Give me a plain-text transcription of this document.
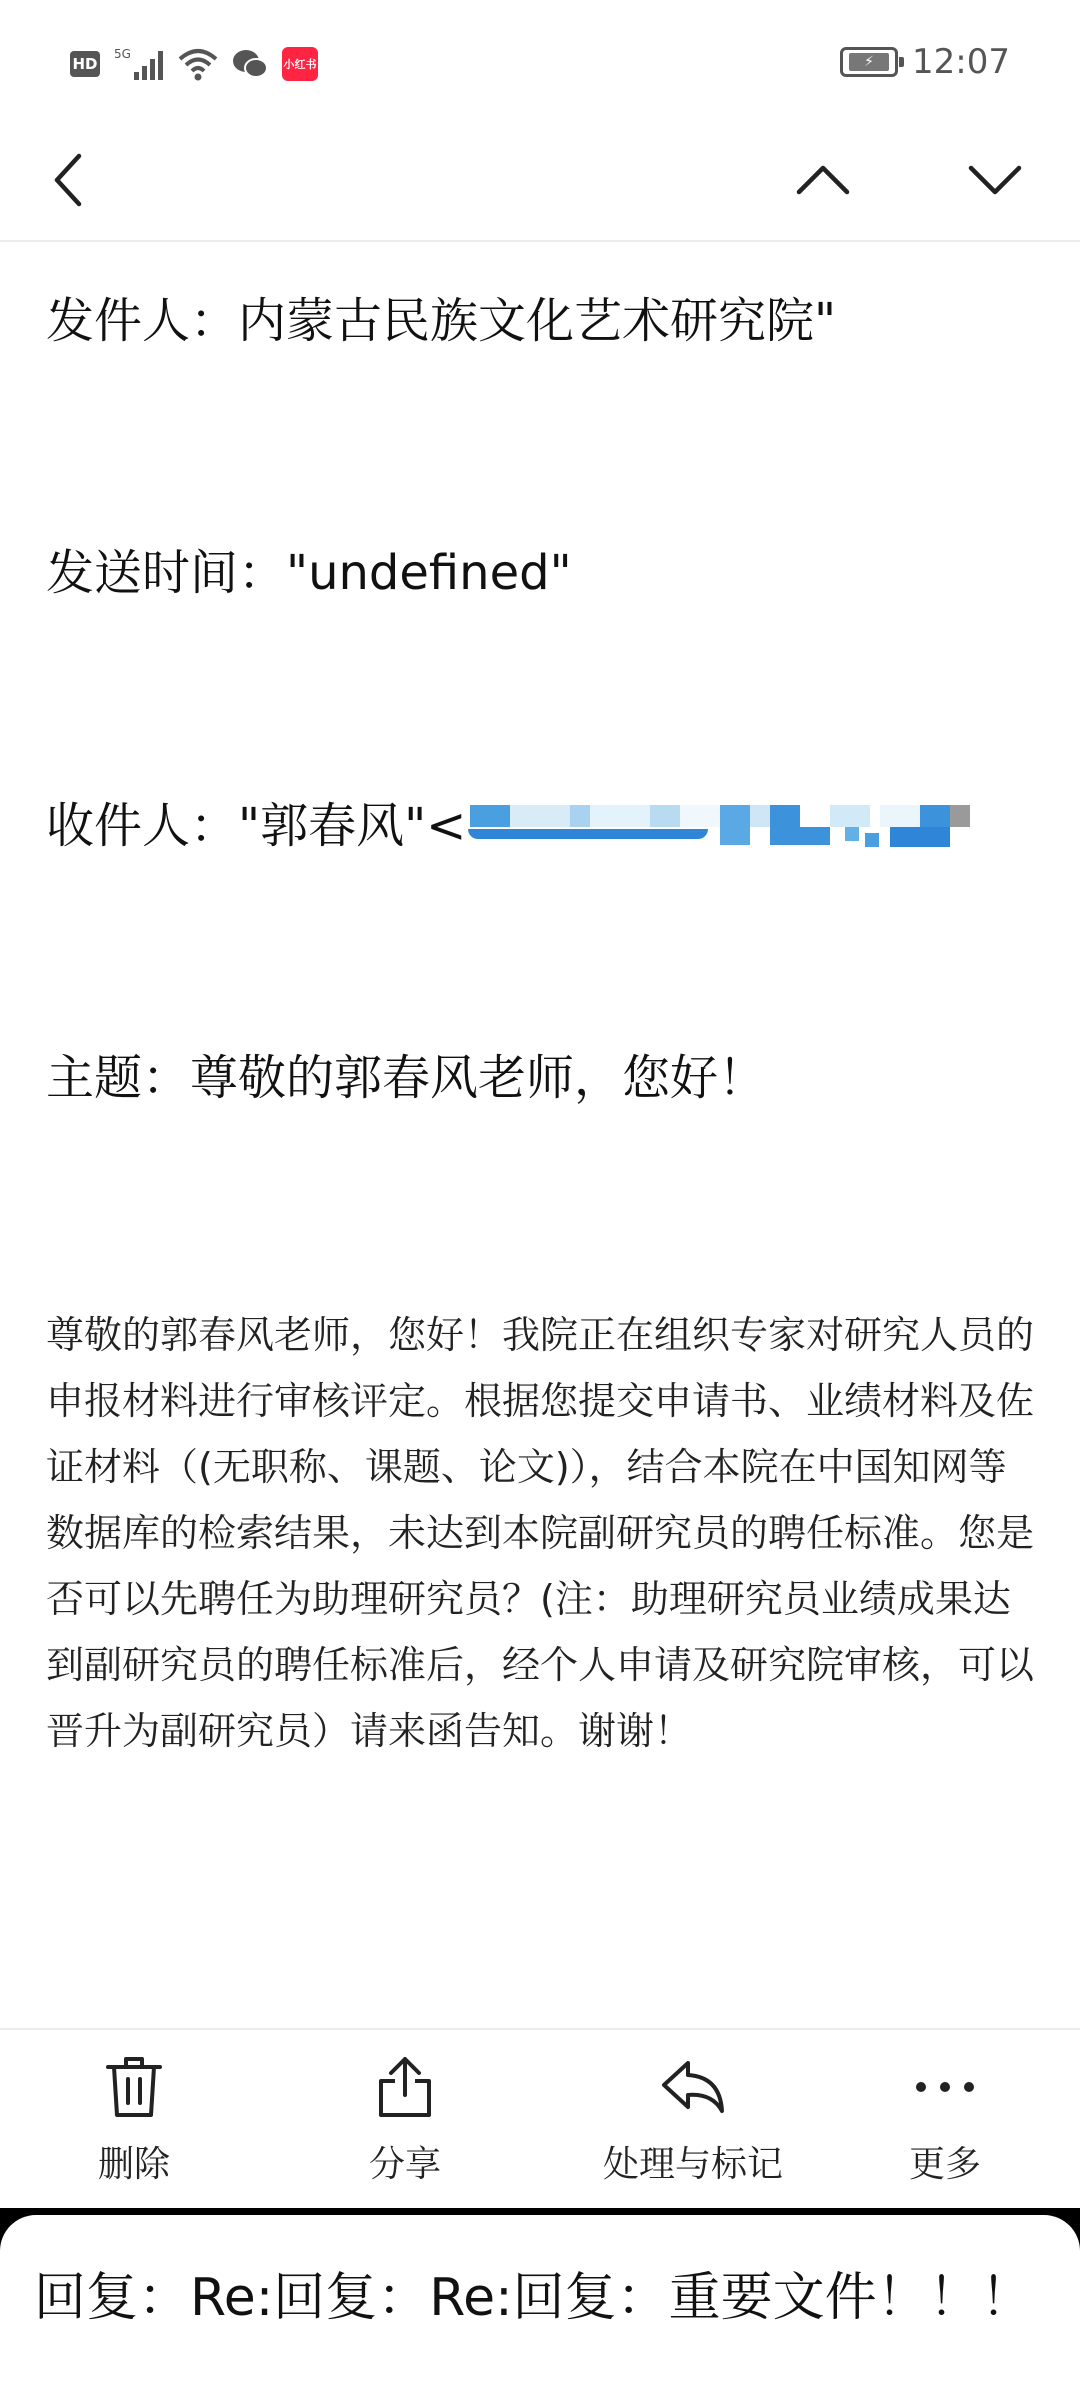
HD
5G
小红书	⚡	12:07
发件人：内蒙古民族文化艺术研究院"
发送时间："undefined"
收件人："郭春风"<
主题：尊敬的郭春风老师，您好！
尊敬的郭春风老师，您好！我院正在组织专家对研究人员的申报材料进行审核评定。根据您提交申请书、业绩材料及佐证材料（(无职称、课题、论文)），结合本院在中国知网等数据库的检索结果，未达到本院副研究员的聘任标准。您是否可以先聘任为助理研究员？(注：助理研究员业绩成果达到副研究员的聘任标准后，经个人申请及研究院审核，可以晋升为副研究员）请来函告知。谢谢！
删除	分享	处理与标记	更多
回复：Re:回复：Re:回复：重要文件！！！
